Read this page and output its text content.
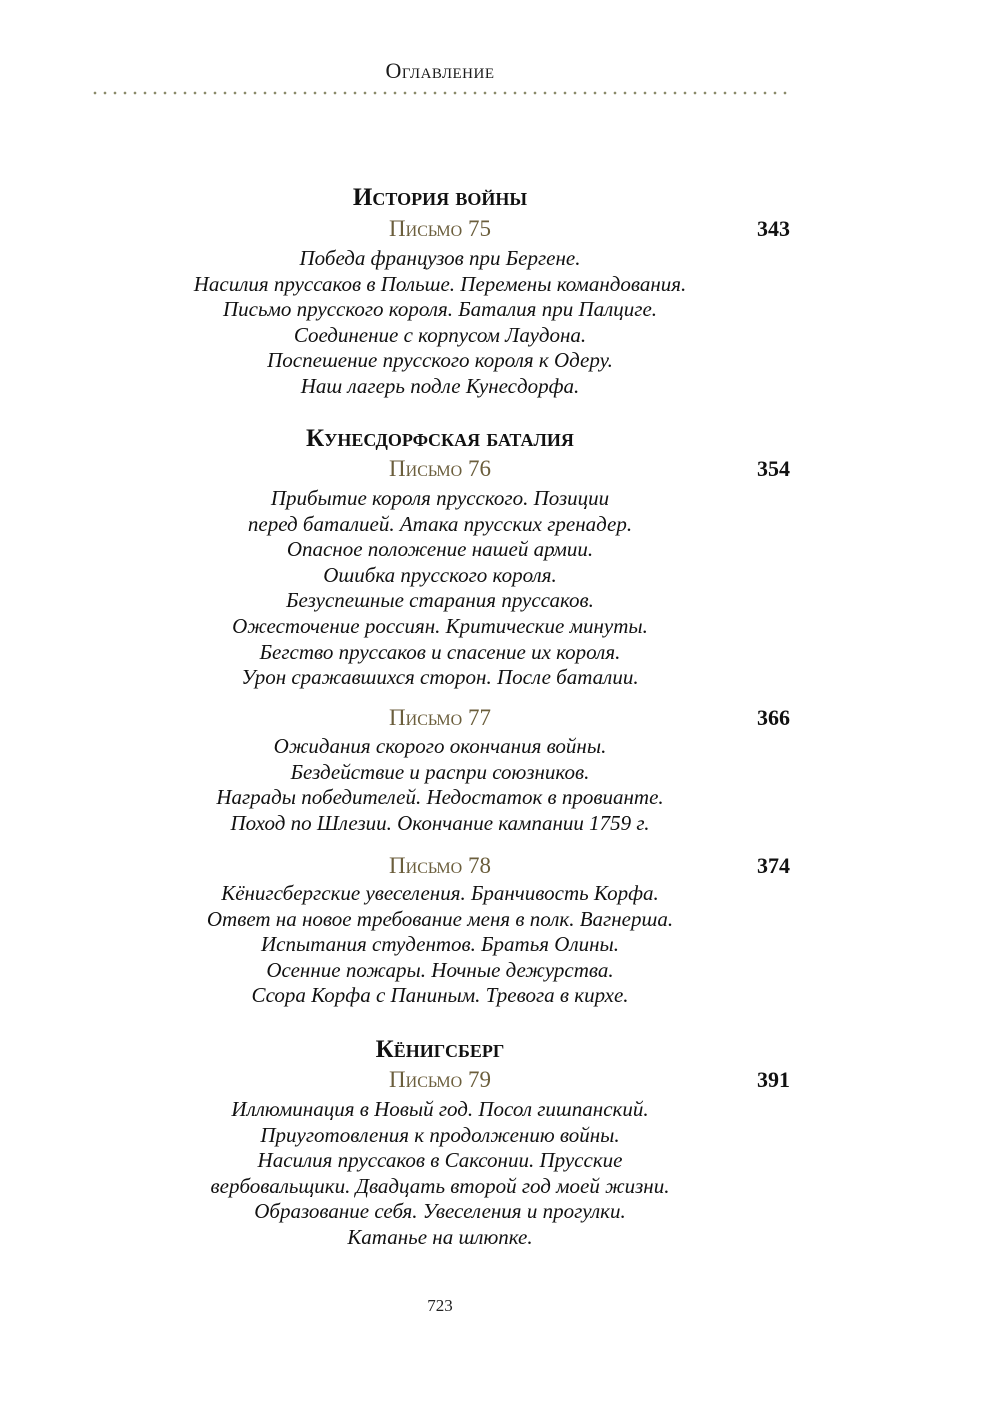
Оглавление
История войны
Письмо 75	343
Победа французов при Бергене.
Насилия пруссаков в Польше. Перемены командования.
Письмо прусского короля. Баталия при Палциге.
Соединение с корпусом Лаудона.
Поспешение прусского короля к Одеру.
Наш лагерь подле Кунесдорфа.
Кунесдорфская баталия
Письмо 76	354
Прибытие короля прусского. Позиции
перед баталией. Атака прусских гренадер.
Опасное положение нашей армии.
Ошибка прусского короля.
Безуспешные старания пруссаков.
Ожесточение россиян. Критические минуты.
Бегство пруссаков и спасение их короля.
Урон сражавшихся сторон. После баталии.
Письмо 77	366
Ожидания скорого окончания войны.
Бездействие и распри союзников.
Награды победителей. Недостаток в провианте.
Поход по Шлезии. Окончание кампании 1759 г.
Письмо 78	374
Кёнигсбергские увеселения. Бранчивость Корфа.
Ответ на новое требование меня в полк. Вагнерша.
Испытания студентов. Братья Олины.
Осенние пожары. Ночные дежурства.
Ссора Корфа с Паниным. Тревога в кирхе.
Кёнигсберг
Письмо 79	391
Иллюминация в Новый год. Посол гишпанский.
Приуготовления к продолжению войны.
Насилия пруссаков в Саксонии. Прусские
вербовальщики. Двадцать второй год моей жизни.
Образование себя. Увеселения и прогулки.
Катанье на шлюпке.
723
